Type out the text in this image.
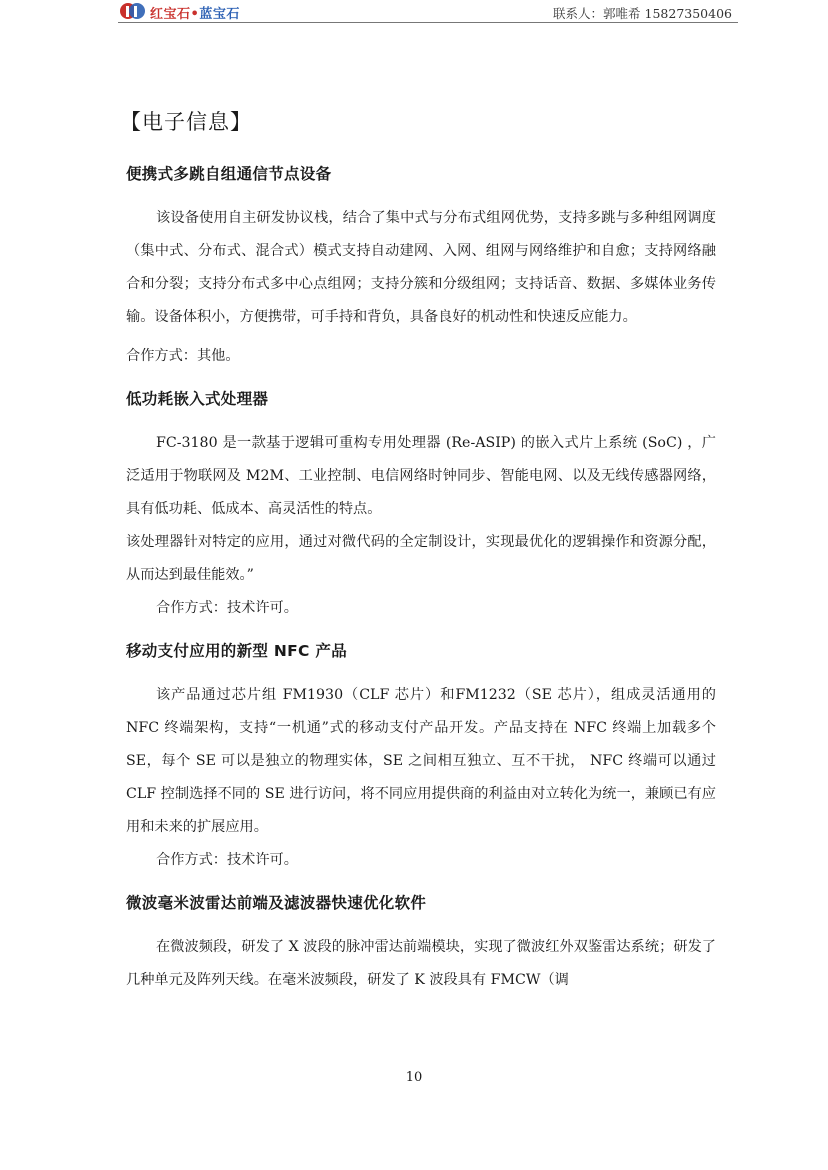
红宝石•蓝宝石	联系人：郭唯希 15827350406
【电子信息】
便携式多跳自组通信节点设备

该设备使用自主研发协议栈，结合了集中式与分布式组网优势，支持多跳与多种组网调度（集中式、分布式、混合式）模式支持自动建网、入网、组网与网络维护和自愈；支持网络融合和分裂；支持分布式多中心点组网；支持分簇和分级组网；支持话音、数据、多媒体业务传输。设备体积小，方便携带，可手持和背负，具备良好的机动性和快速反应能力。

合作方式：其他。

低功耗嵌入式处理器

FC-3180 是一款基于逻辑可重构专用处理器 (Re-ASIP) 的嵌入式片上系统 (SoC) ，广泛适用于物联网及 M2M、工业控制、电信网络时钟同步、智能电网、以及无线传感器网络，具有低功耗、低成本、高灵活性的特点。

该处理器针对特定的应用，通过对微代码的全定制设计，实现最优化的逻辑操作和资源分配，从而达到最佳能效。”

合作方式：技术许可。

移动支付应用的新型 NFC 产品

该产品通过芯片组 FM1930（CLF 芯片）和FM1232（SE 芯片），组成灵活通用的NFC 终端架构，支持“一机通”式的移动支付产品开发。产品支持在 NFC 终端上加载多个SE，每个 SE 可以是独立的物理实体，SE 之间相互独立、互不干扰， NFC 终端可以通过 CLF 控制选择不同的 SE 进行访问，将不同应用提供商的利益由对立转化为统一，兼顾已有应用和未来的扩展应用。

合作方式：技术许可。

微波毫米波雷达前端及滤波器快速优化软件

在微波频段，研发了 X 波段的脉冲雷达前端模块，实现了微波红外双鉴雷达系统；研发了几种单元及阵列天线。在毫米波频段，研发了 K 波段具有 FMCW（调

10
